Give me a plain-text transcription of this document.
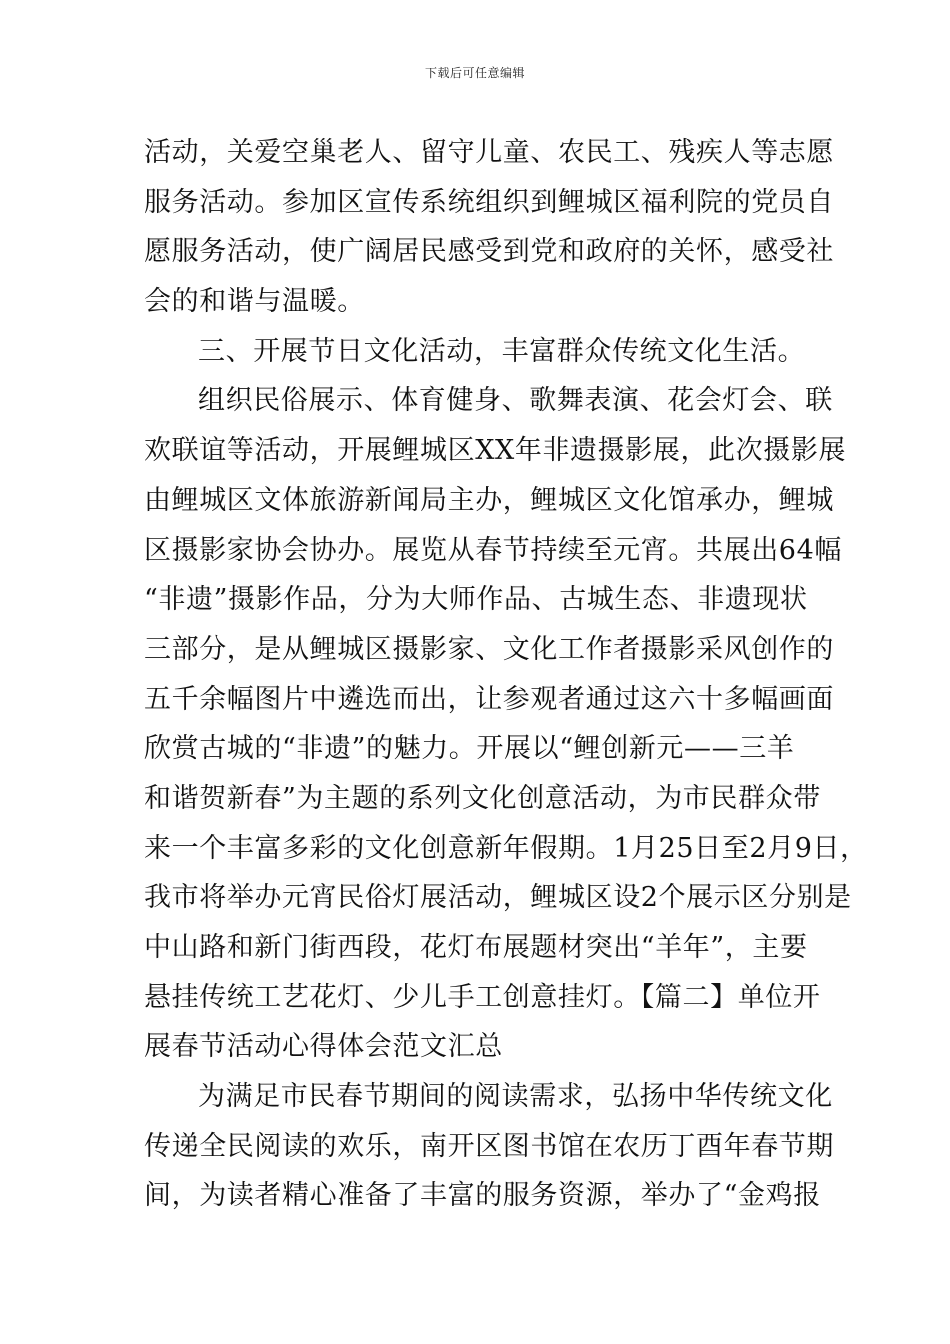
下载后可任意编辑
活动，关爱空巢老人、留守儿童、农民工、残疾人等志愿
服务活动。参加区宣传系统组织到鲤城区福利院的党员自
愿服务活动，使广阔居民感受到党和政府的关怀，感受社
会的和谐与温暖。
三、开展节日文化活动，丰富群众传统文化生活。
组织民俗展示、体育健身、歌舞表演、花会灯会、联
欢联谊等活动，开展鲤城区XX年非遗摄影展，此次摄影展
由鲤城区文体旅游新闻局主办，鲤城区文化馆承办，鲤城
区摄影家协会协办。展览从春节持续至元宵。共展出64幅
“非遗”摄影作品，分为大师作品、古城生态、非遗现状
三部分，是从鲤城区摄影家、文化工作者摄影采风创作的
五千余幅图片中遴选而出，让参观者通过这六十多幅画面
欣赏古城的“非遗”的魅力。开展以“鲤创新元——三羊
和谐贺新春”为主题的系列文化创意活动，为市民群众带
来一个丰富多彩的文化创意新年假期。1月25日至2月9日，
我市将举办元宵民俗灯展活动，鲤城区设2个展示区分别是
中山路和新门街西段，花灯布展题材突出“羊年”，主要
悬挂传统工艺花灯、少儿手工创意挂灯。【篇二】单位开
展春节活动心得体会范文汇总
为满足市民春节期间的阅读需求，弘扬中华传统文化
传递全民阅读的欢乐，南开区图书馆在农历丁酉年春节期
间，为读者精心准备了丰富的服务资源，举办了“金鸡报
